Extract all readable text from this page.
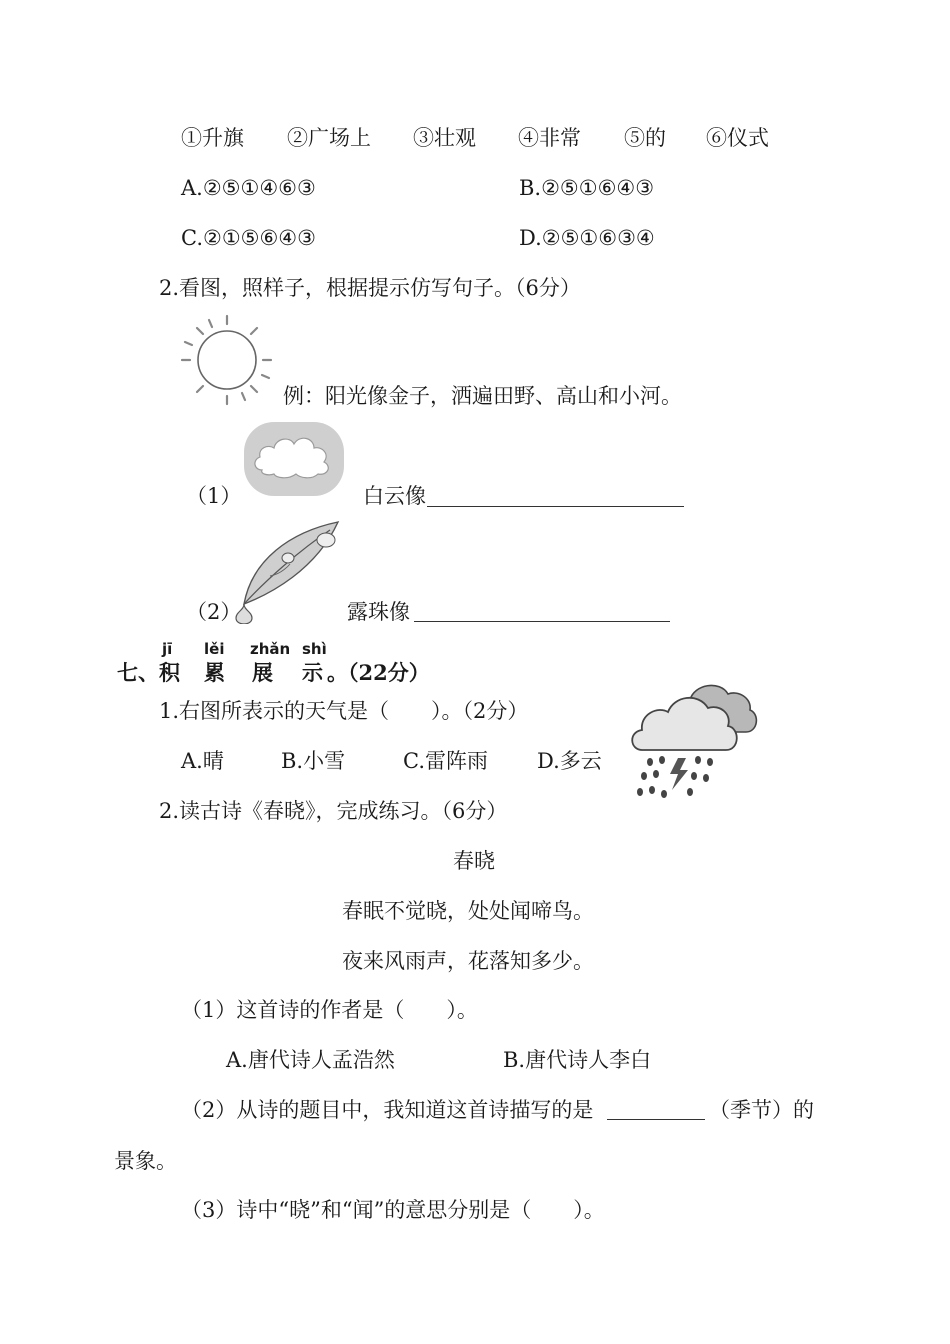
①升旗 ②广场上 ③壮观 ④非常 ⑤的 ⑥仪式
A.②⑤①④⑥③	B.②⑤①⑥④③
C.②①⑤⑥④③	D.②⑤①⑥③④
2.看图，照样子，根据提示仿写句子。（6分）
例：阳光像金子，洒遍田野、高山和小河。
（1）	白云像
（2）	露珠像
jī lěi zhǎn shì
七、 积 累 展 示 。（22分）
1.右图所表示的天气是（　　）。（2分）
A.晴	B.小雪	C.雷阵雨 D.多云
2.读古诗《春晓》，完成练习。（6分）
春晓
春眠不觉晓，处处闻啼鸟。
夜来风雨声，花落知多少。
（1）这首诗的作者是（　　）。
A.唐代诗人孟浩然	B.唐代诗人李白
（2）从诗的题目中，我知道这首诗描写的是	（季节）的
景象。
（3）诗中“晓”和“闻”的意思分别是（　　）。
